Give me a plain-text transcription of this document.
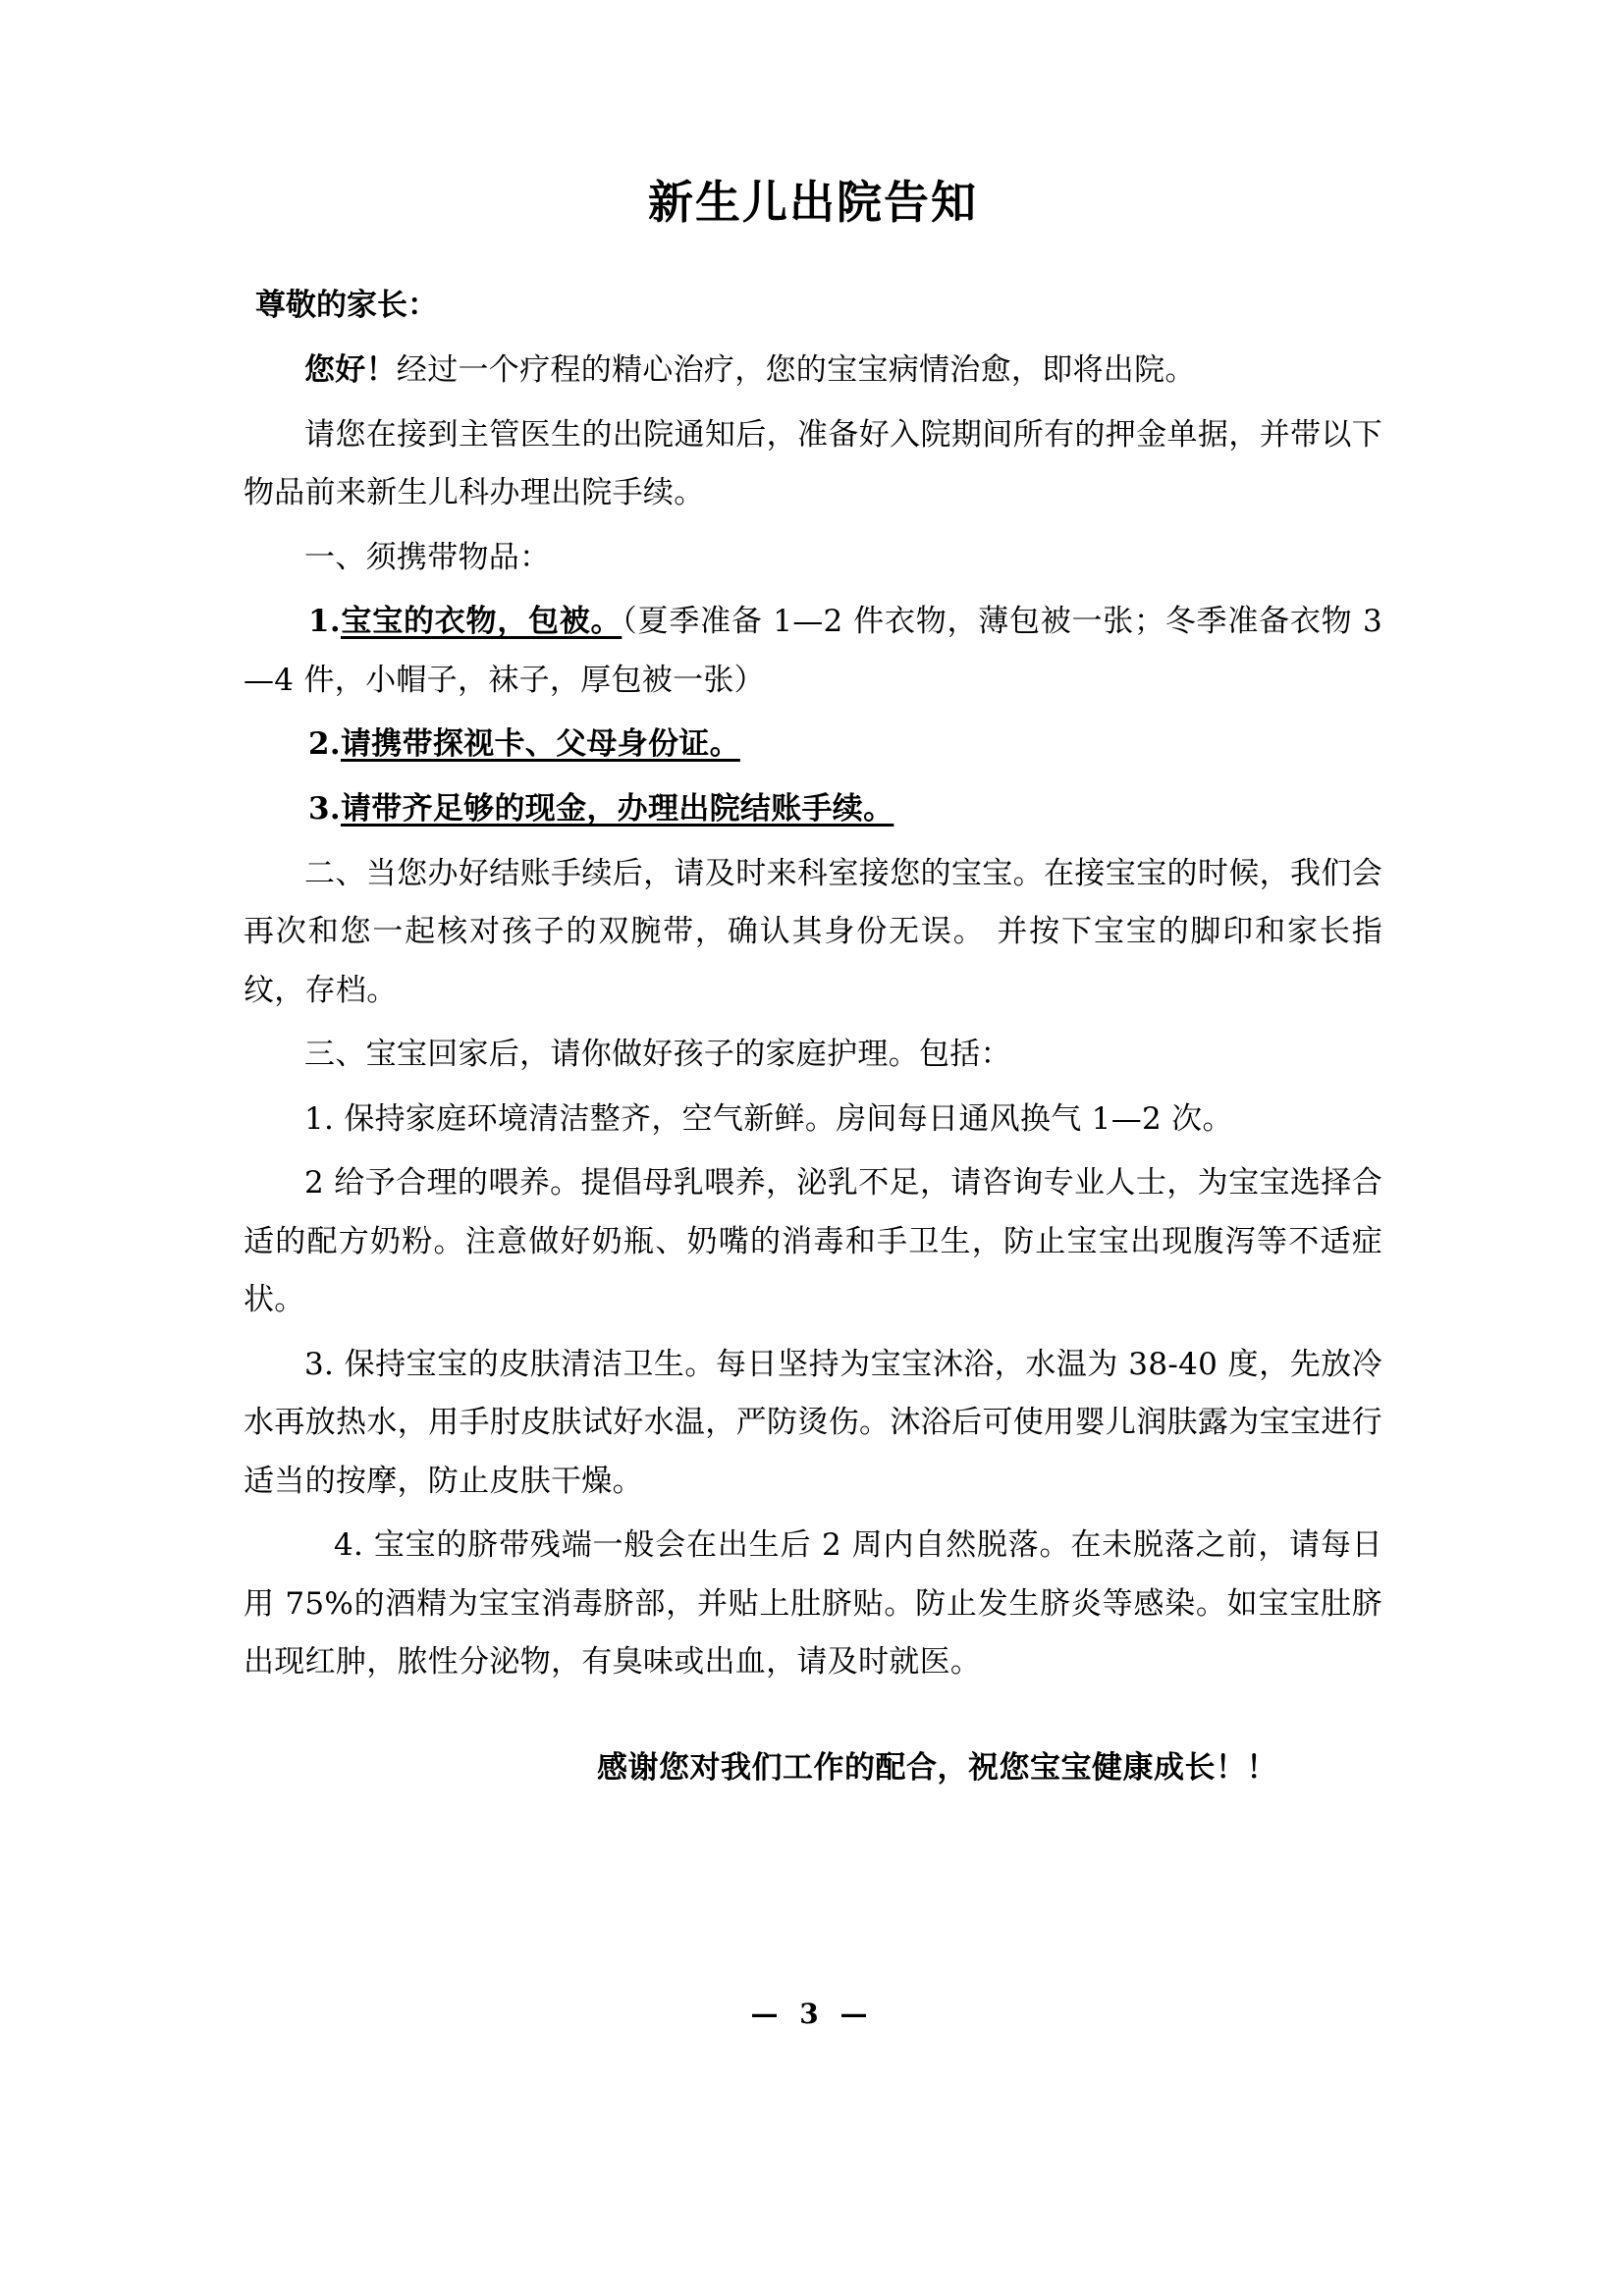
新生儿出院告知

尊敬的家长：

您好！经过一个疗程的精心治疗，您的宝宝病情治愈，即将出院。

请您在接到主管医生的出院通知后，准备好入院期间所有的押金单据，并带以下物品前来新生儿科办理出院手续。

一、须携带物品：

1.宝宝的衣物，包被。（夏季准备 1—2 件衣物，薄包被一张；冬季准备衣物 3—4 件，小帽子，袜子，厚包被一张）

2.请携带探视卡、父母身份证。

3.请带齐足够的现金，办理出院结账手续。

二、当您办好结账手续后，请及时来科室接您的宝宝。在接宝宝的时候，我们会再次和您一起核对孩子的双腕带，确认其身份无误。 并按下宝宝的脚印和家长指纹，存档。

三、宝宝回家后，请你做好孩子的家庭护理。包括：

1. 保持家庭环境清洁整齐，空气新鲜。房间每日通风换气 1—2 次。

2 给予合理的喂养。提倡母乳喂养，泌乳不足，请咨询专业人士，为宝宝选择合适的配方奶粉。注意做好奶瓶、奶嘴的消毒和手卫生，防止宝宝出现腹泻等不适症状。

3. 保持宝宝的皮肤清洁卫生。每日坚持为宝宝沐浴，水温为 38-40 度，先放冷水再放热水，用手肘皮肤试好水温，严防烫伤。沐浴后可使用婴儿润肤露为宝宝进行适当的按摩，防止皮肤干燥。

4. 宝宝的脐带残端一般会在出生后 2 周内自然脱落。在未脱落之前，请每日用 75%的酒精为宝宝消毒脐部，并贴上肚脐贴。防止发生脐炎等感染。如宝宝肚脐出现红肿，脓性分泌物，有臭味或出血，请及时就医。

感谢您对我们工作的配合，祝您宝宝健康成长！！

— 3 —
